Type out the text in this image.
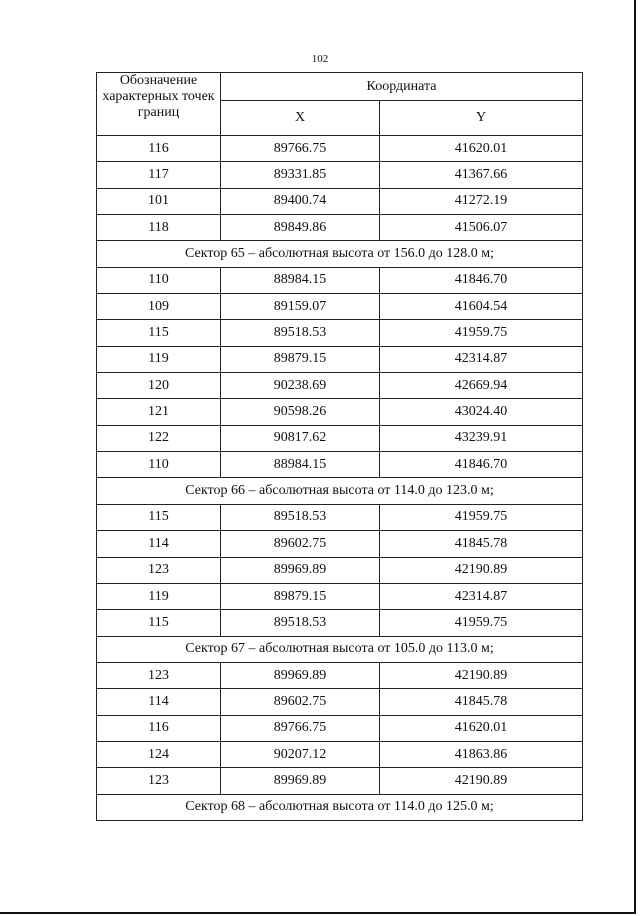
102
Обозначение характерных точек границ	Координата	
	X	Y
116	89766.75	41620.01
117	89331.85	41367.66
101	89400.74	41272.19
118	89849.86	41506.07
Сектор 65 – абсолютная высота от 156.0 до 128.0 м;		
110	88984.15	41846.70
109	89159.07	41604.54
115	89518.53	41959.75
119	89879.15	42314.87
120	90238.69	42669.94
121	90598.26	43024.40
122	90817.62	43239.91
110	88984.15	41846.70
Сектор 66 – абсолютная высота от 114.0 до 123.0 м;		
115	89518.53	41959.75
114	89602.75	41845.78
123	89969.89	42190.89
119	89879.15	42314.87
115	89518.53	41959.75
Сектор 67 – абсолютная высота от 105.0 до 113.0 м;		
123	89969.89	42190.89
114	89602.75	41845.78
116	89766.75	41620.01
124	90207.12	41863.86
123	89969.89	42190.89
Сектор 68 – абсолютная высота от 114.0 до 125.0 м;		
